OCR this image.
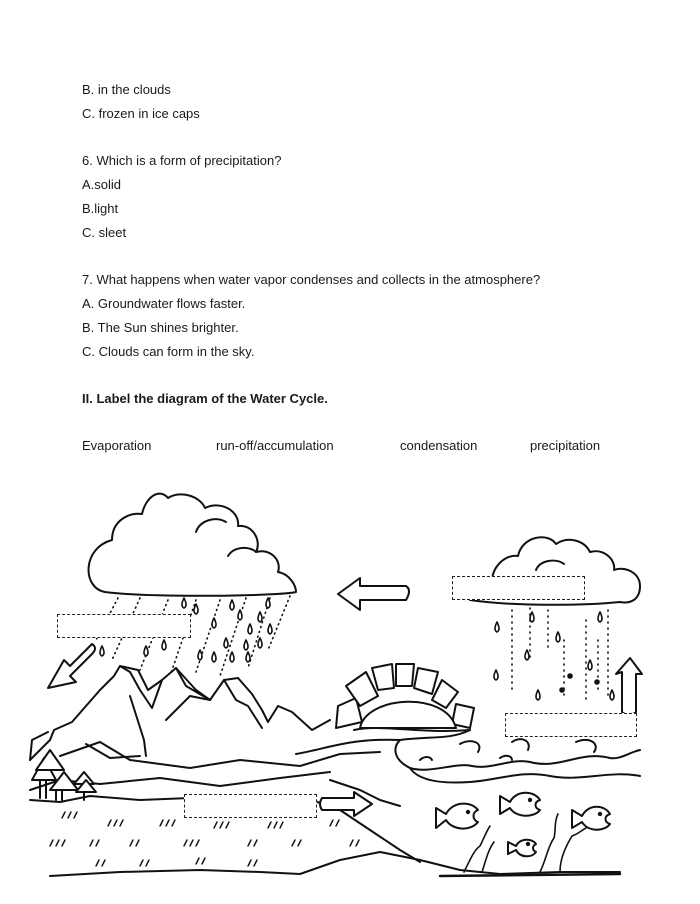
B. in the clouds
C. frozen in ice caps
6. Which is a form of precipitation?
A.solid
B.light
C. sleet
7. What happens when water vapor condenses and collects in the atmosphere?
A. Groundwater flows faster.
B. The Sun shines brighter.
C. Clouds can form in the sky.
II. Label the diagram of the Water Cycle.
Evaporation	run-off/accumulation	condensation	precipitation
